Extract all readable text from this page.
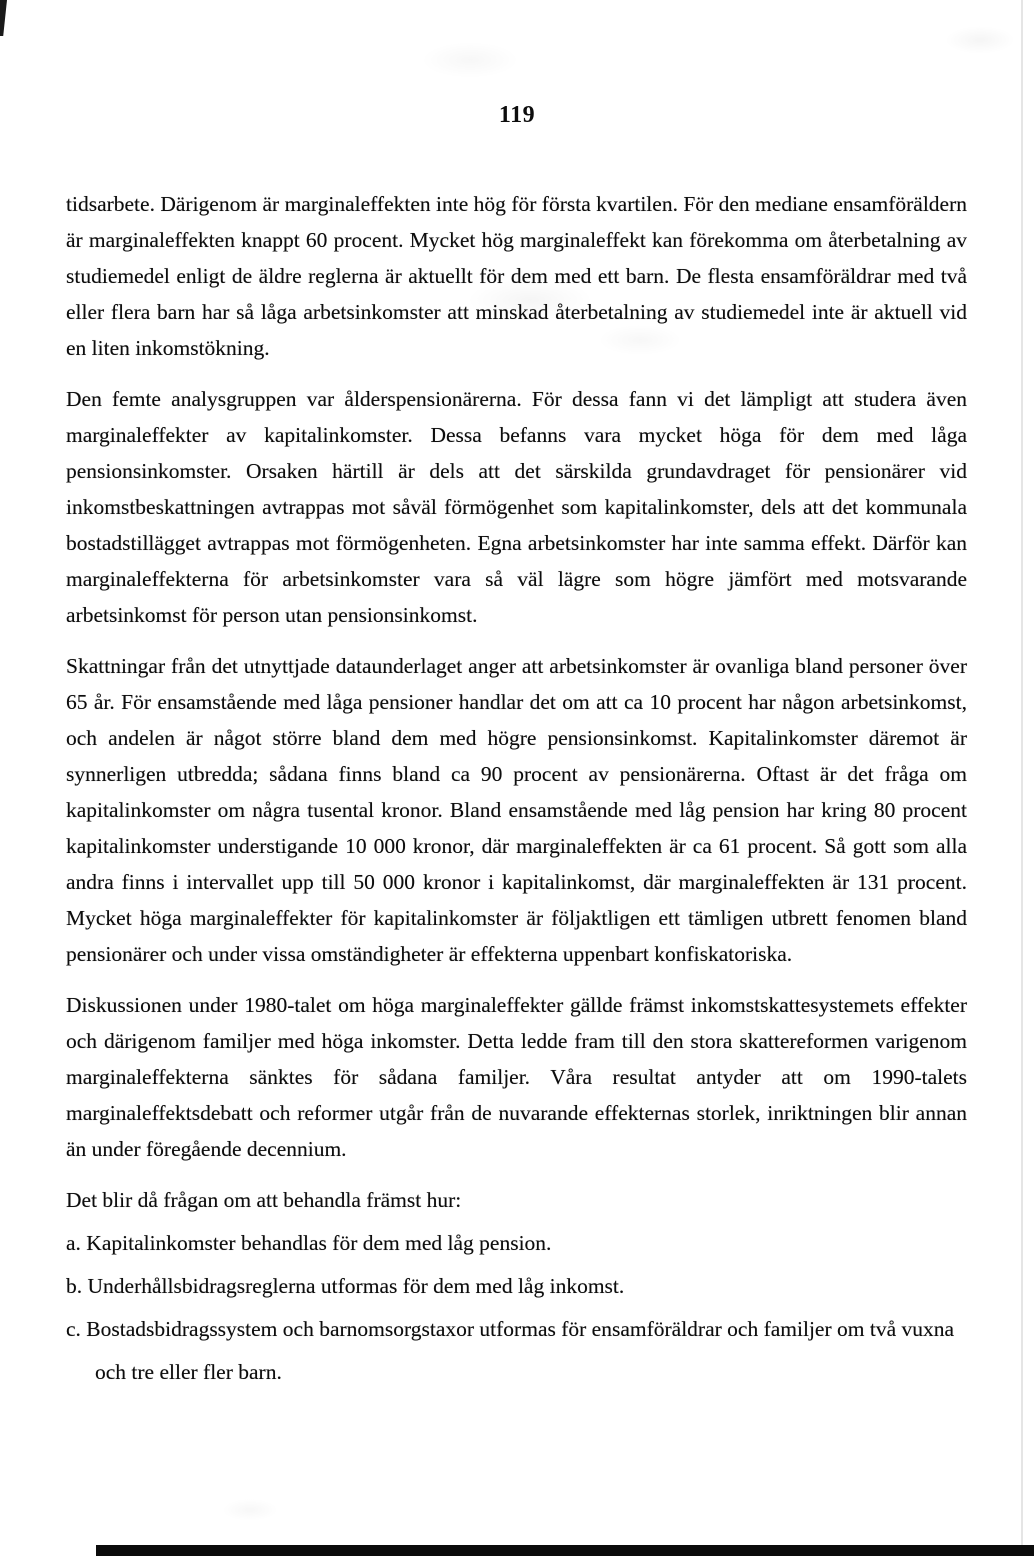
119

tidsarbete. Därigenom är marginaleffekten inte hög för första kvartilen. För den mediane ensamföräldern är marginaleffekten knappt 60 procent. Mycket hög marginaleffekt kan förekomma om återbetalning av studiemedel enligt de äldre reglerna är aktuellt för dem med ett barn. De flesta ensamföräldrar med två eller flera barn har så låga arbetsinkomster att minskad återbetalning av studiemedel inte är aktuell vid en liten inkomstökning.

Den femte analysgruppen var ålderspensionärerna. För dessa fann vi det lämpligt att studera även marginaleffekter av kapitalinkomster. Dessa befanns vara mycket höga för dem med låga pensionsinkomster. Orsaken härtill är dels att det särskilda grundavdraget för pensionärer vid inkomstbeskattningen avtrappas mot såväl förmögenhet som kapitalinkomster, dels att det kommunala bostadstillägget avtrappas mot förmögenheten. Egna arbetsinkomster har inte samma effekt. Därför kan marginaleffekterna för arbetsinkomster vara så väl lägre som högre jämfört med motsvarande arbetsinkomst för person utan pensionsinkomst.

Skattningar från det utnyttjade dataunderlaget anger att arbetsinkomster är ovanliga bland personer över 65 år. För ensamstående med låga pensioner handlar det om att ca 10 procent har någon arbetsinkomst, och andelen är något större bland dem med högre pensionsinkomst. Kapitalinkomster däremot är synnerligen utbredda; sådana finns bland ca 90 procent av pensionärerna. Oftast är det fråga om kapitalinkomster om några tusental kronor. Bland ensamstående med låg pension har kring 80 procent kapitalinkomster understigande 10 000 kronor, där marginaleffekten är ca 61 procent. Så gott som alla andra finns i intervallet upp till 50 000 kronor i kapitalinkomst, där marginaleffekten är 131 procent. Mycket höga marginaleffekter för kapitalinkomster är följaktligen ett tämligen utbrett fenomen bland pensionärer och under vissa omständigheter är effekterna uppenbart konfiskatoriska.

Diskussionen under 1980-talet om höga marginaleffekter gällde främst inkomstskattesystemets effekter och därigenom familjer med höga inkomster. Detta ledde fram till den stora skattereformen varigenom marginaleffekterna sänktes för sådana familjer. Våra resultat antyder att om 1990-talets marginaleffektsdebatt och reformer utgår från de nuvarande effekternas storlek, inriktningen blir annan än under föregående decennium.

Det blir då frågan om att behandla främst hur:

a. Kapitalinkomster behandlas för dem med låg pension.
b. Underhållsbidragsreglerna utformas för dem med låg inkomst.
c. Bostadsbidragssystem och barnomsorgstaxor utformas för ensamföräldrar och familjer om två vuxna och tre eller fler barn.
